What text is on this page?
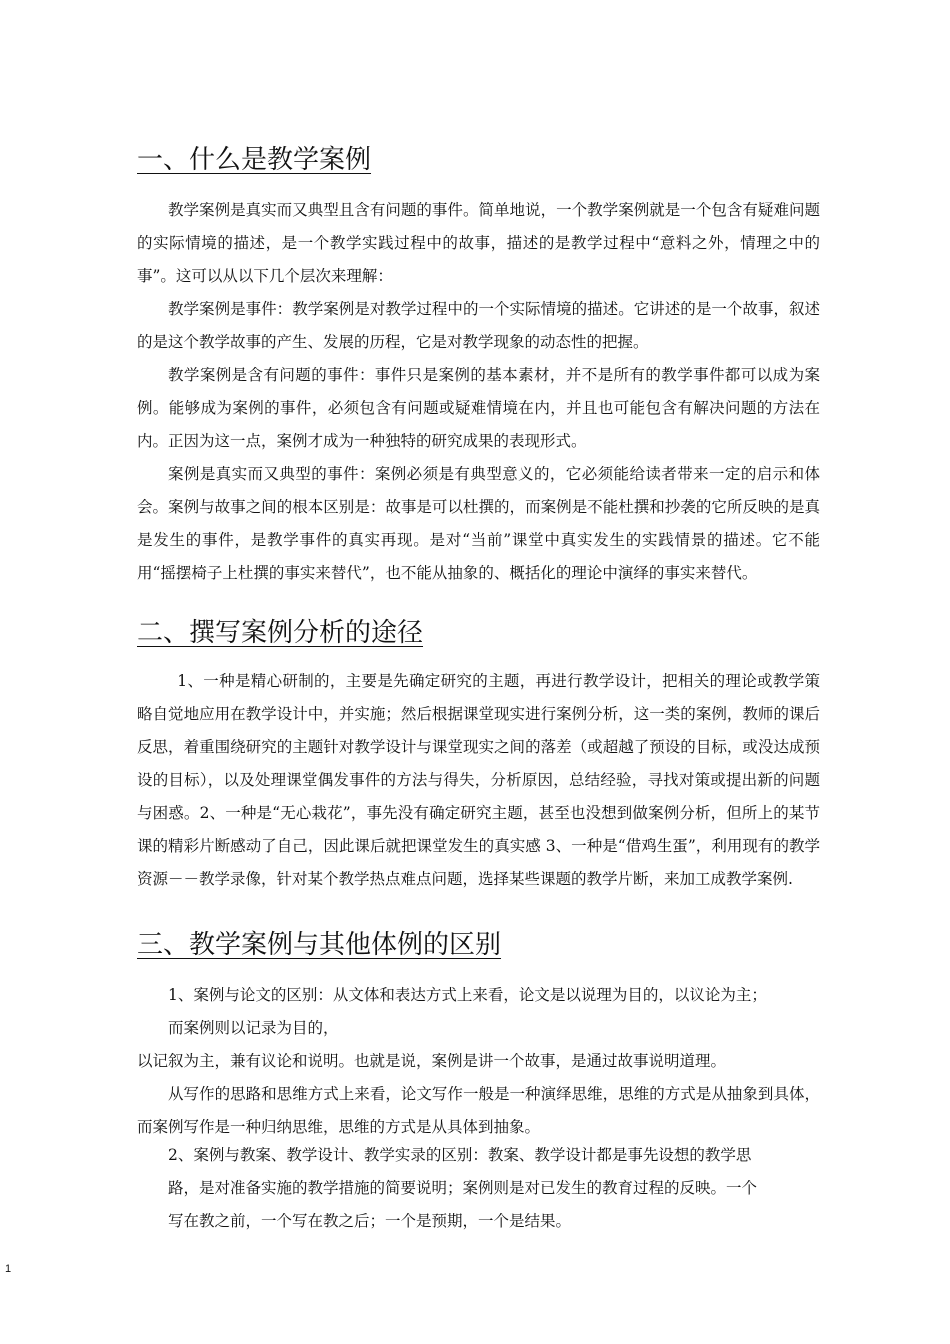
一、什么是教学案例

教学案例是真实而又典型且含有问题的事件。简单地说，一个教学案例就是一个包含有疑难问题的实际情境的描述，是一个教学实践过程中的故事，描述的是教学过程中“意料之外，情理之中的事”。这可以从以下几个层次来理解：

教学案例是事件：教学案例是对教学过程中的一个实际情境的描述。它讲述的是一个故事，叙述的是这个教学故事的产生、发展的历程，它是对教学现象的动态性的把握。

教学案例是含有问题的事件：事件只是案例的基本素材，并不是所有的教学事件都可以成为案例。能够成为案例的事件，必须包含有问题或疑难情境在内，并且也可能包含有解决问题的方法在内。正因为这一点，案例才成为一种独特的研究成果的表现形式。

案例是真实而又典型的事件：案例必须是有典型意义的，它必须能给读者带来一定的启示和体会。案例与故事之间的根本区别是：故事是可以杜撰的，而案例是不能杜撰和抄袭的它所反映的是真是发生的事件，是教学事件的真实再现。是对“当前”课堂中真实发生的实践情景的描述。它不能用“摇摆椅子上杜撰的事实来替代”，也不能从抽象的、概括化的理论中演绎的事实来替代。

二、撰写案例分析的途径

1、一种是精心研制的，主要是先确定研究的主题，再进行教学设计，把相关的理论或教学策略自觉地应用在教学设计中，并实施；然后根据课堂现实进行案例分析，这一类的案例，教师的课后反思，着重围绕研究的主题针对教学设计与课堂现实之间的落差（或超越了预设的目标，或没达成预设的目标），以及处理课堂偶发事件的方法与得失，分析原因，总结经验，寻找对策或提出新的问题与困惑。2、一种是“无心栽花”，事先没有确定研究主题，甚至也没想到做案例分析，但所上的某节课的精彩片断感动了自己，因此课后就把课堂发生的真实感 3、一种是“借鸡生蛋”，利用现有的教学资源－－教学录像，针对某个教学热点难点问题，选择某些课题的教学片断，来加工成教学案例.

三、教学案例与其他体例的区别

1、案例与论文的区别：从文体和表达方式上来看，论文是以说理为目的，以议论为主；

而案例则以记录为目的，

以记叙为主，兼有议论和说明。也就是说，案例是讲一个故事，是通过故事说明道理。

从写作的思路和思维方式上来看，论文写作一般是一种演绎思维，思维的方式是从抽象到具体，而案例写作是一种归纳思维，思维的方式是从具体到抽象。

2、案例与教案、教学设计、教学实录的区别：教案、教学设计都是事先设想的教学思

路，是对准备实施的教学措施的简要说明；案例则是对已发生的教育过程的反映。一个

写在教之前，一个写在教之后；一个是预期，一个是结果。

1
